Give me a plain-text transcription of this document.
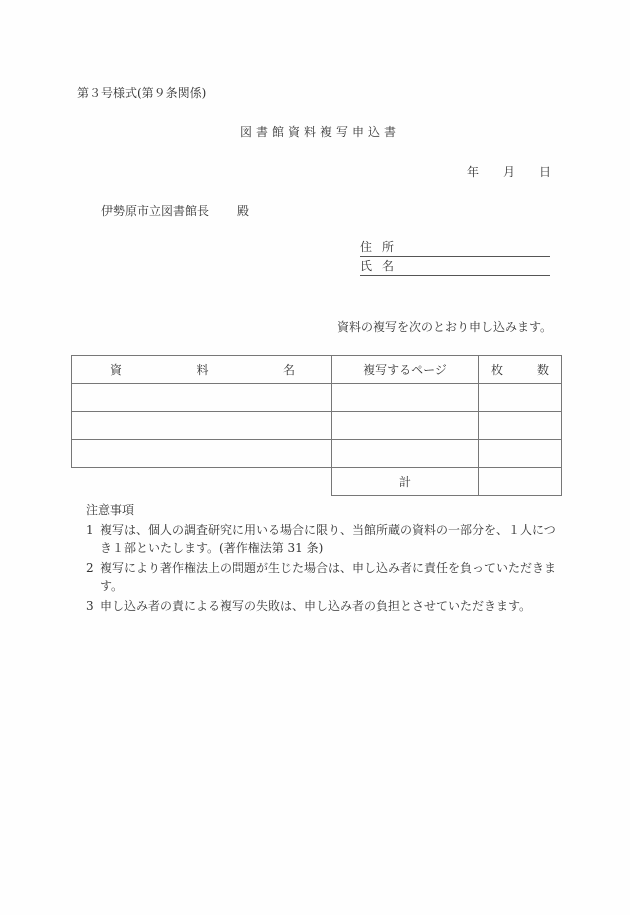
第３号様式(第９条関係)
図書館資料複写申込書
年	月	日
伊勢原市立図書館長 殿
住所
氏名
資料の複写を次のとおり申し込みます。
資 料 名	複写するページ	枚 数

	計	
注意事項
1 複写は、個人の調査研究に用いる場合に限り、当館所蔵の資料の一部分を、１人につき１部といたします。(著作権法第 31 条)
2 複写により著作権法上の問題が生じた場合は、申し込み者に責任を負っていただきます。
3 申し込み者の責による複写の失敗は、申し込み者の負担とさせていただきます。
